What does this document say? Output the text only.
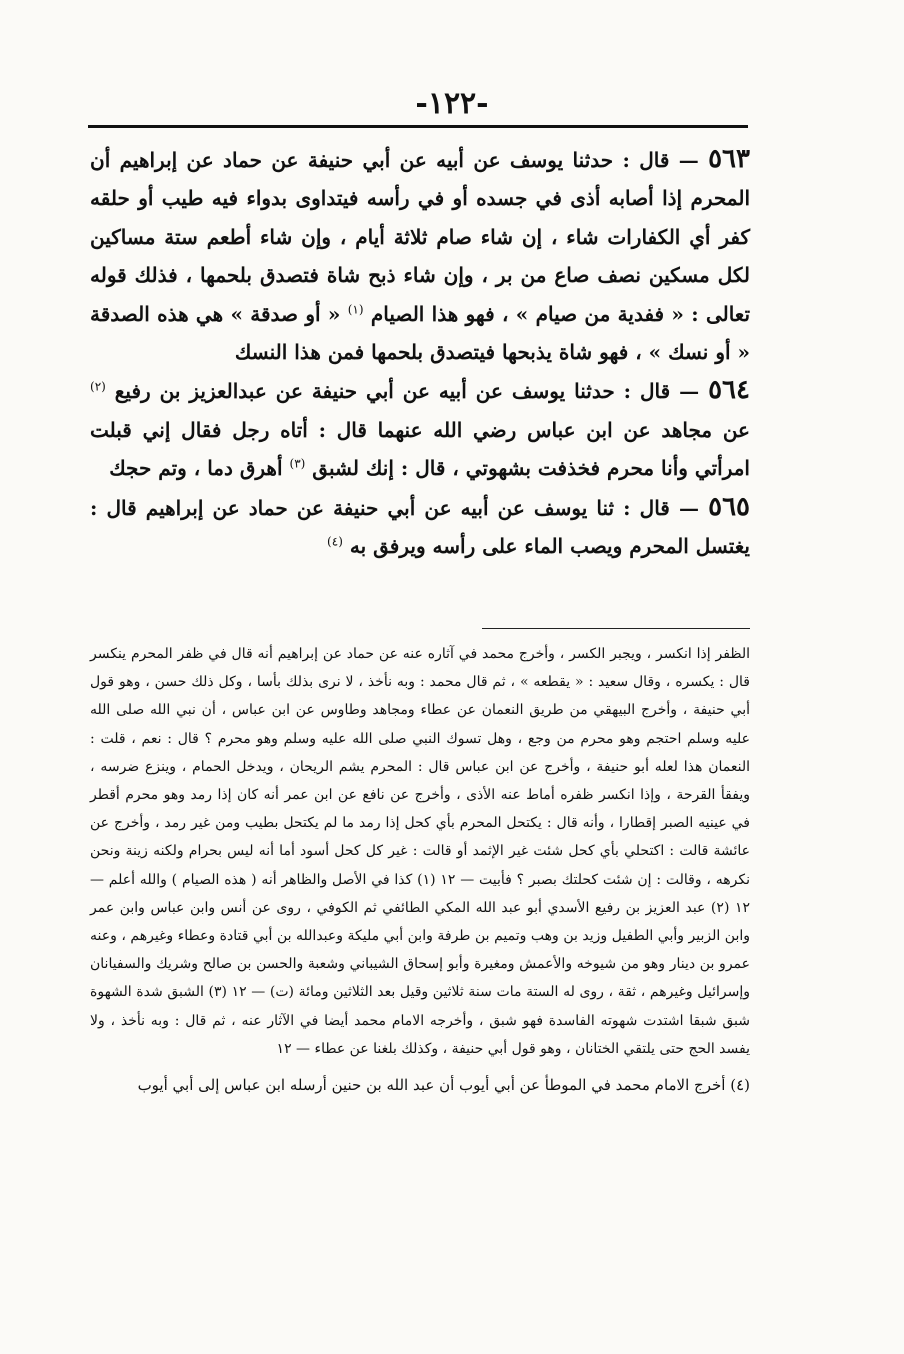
-١٢٢-

٥٦٣ — قال : حدثنا يوسف عن أبيه عن أبي حنيفة عن حماد عن إبراهيم أن المحرم إذا أصابه أذى في جسده أو في رأسه فيتداوى بدواء فيه طيب أو حلقه كفر أي الكفارات شاء ، إن شاء صام ثلاثة أيام ، وإن شاء أطعم ستة مساكين لكل مسكين نصف صاع من بر ، وإن شاء ذبح شاة فتصدق بلحمها ، فذلك قوله تعالى : « ففدية من صيام » ، فهو هذا الصيام $^{(١)}$ « أو صدقة » هي هذه الصدقة « أو نسك » ، فهو شاة يذبحها فيتصدق بلحمها فمن هذا النسك

٥٦٤ — قال : حدثنا يوسف عن أبيه عن أبي حنيفة عن عبدالعزيز بن رفيع $^{(٢)}$ عن مجاهد عن ابن عباس رضي الله عنهما قال : أتاه رجل فقال إني قبلت امرأتي وأنا محرم فخذفت بشهوتي ، قال : إنك لشبق $^{(٣)}$ أهرق دما ، وتم حجك

٥٦٥ — قال : ثنا يوسف عن أبيه عن أبي حنيفة عن حماد عن إبراهيم قال : يغتسل المحرم ويصب الماء على رأسه ويرفق به $^{(٤)}$

الظفر إذا انكسر ، ويجبر الكسر ، وأخرج محمد في آثاره عنه عن حماد عن إبراهيم أنه قال في ظفر المحرم ينكسر قال : يكسره ، وقال سعيد : « يقطعه » ، ثم قال محمد : وبه نأخذ ، لا نرى بذلك بأسا ، وكل ذلك حسن ، وهو قول أبي حنيفة ، وأخرج البيهقي من طريق النعمان عن عطاء ومجاهد وطاوس عن ابن عباس ، أن نبي الله صلى الله عليه وسلم احتجم وهو محرم من وجع ، وهل تسوك النبي صلى الله عليه وسلم وهو محرم ؟ قال : نعم ، قلت : النعمان هذا لعله أبو حنيفة ، وأخرج عن ابن عباس قال : المحرم يشم الريحان ، ويدخل الحمام ، وينزع ضرسه ، ويفقأ القرحة ، وإذا انكسر ظفره أماط عنه الأذى ، وأخرج عن نافع عن ابن عمر أنه كان إذا رمد وهو محرم أقطر في عينيه الصبر إقطارا ، وأنه قال : يكتحل المحرم بأي كحل إذا رمد ما لم يكتحل بطيب ومن غير رمد ، وأخرج عن عائشة قالت : اكتحلي بأي كحل شئت غير الإثمد أو قالت : غير كل كحل أسود أما أنه ليس بحرام ولكنه زينة ونحن نكرهه ، وقالت : إن شئت كحلتك بصبر ؟ فأبيت — ١٢ (١) كذا في الأصل والظاهر أنه ( هذه الصيام ) والله أعلم — ١٢ (٢) عبد العزيز بن رفيع الأسدي أبو عبد الله المكي الطائفي ثم الكوفي ، روى عن أنس وابن عباس وابن عمر وابن الزبير وأبي الطفيل وزيد بن وهب وتميم بن طرفة وابن أبي مليكة وعبدالله بن أبي قتادة وعطاء وغيرهم ، وعنه عمرو بن دينار وهو من شيوخه والأعمش ومغيرة وأبو إسحاق الشيباني وشعبة والحسن بن صالح وشريك والسفيانان وإسرائيل وغيرهم ، ثقة ، روى له الستة مات سنة ثلاثين وقيل بعد الثلاثين ومائة (ت) — ١٢ (٣) الشبق شدة الشهوة شبق شبقا اشتدت شهوته الفاسدة فهو شبق ، وأخرجه الامام محمد أيضا في الآثار عنه ، ثم قال : وبه نأخذ ، ولا يفسد الحج حتى يلتقي الختانان ، وهو قول أبي حنيفة ، وكذلك بلغنا عن عطاء — ١٢

(٤) أخرج الامام محمد في الموطأ عن أبي أيوب أن عبد الله بن حنين أرسله ابن عباس إلى أبي أيوب
